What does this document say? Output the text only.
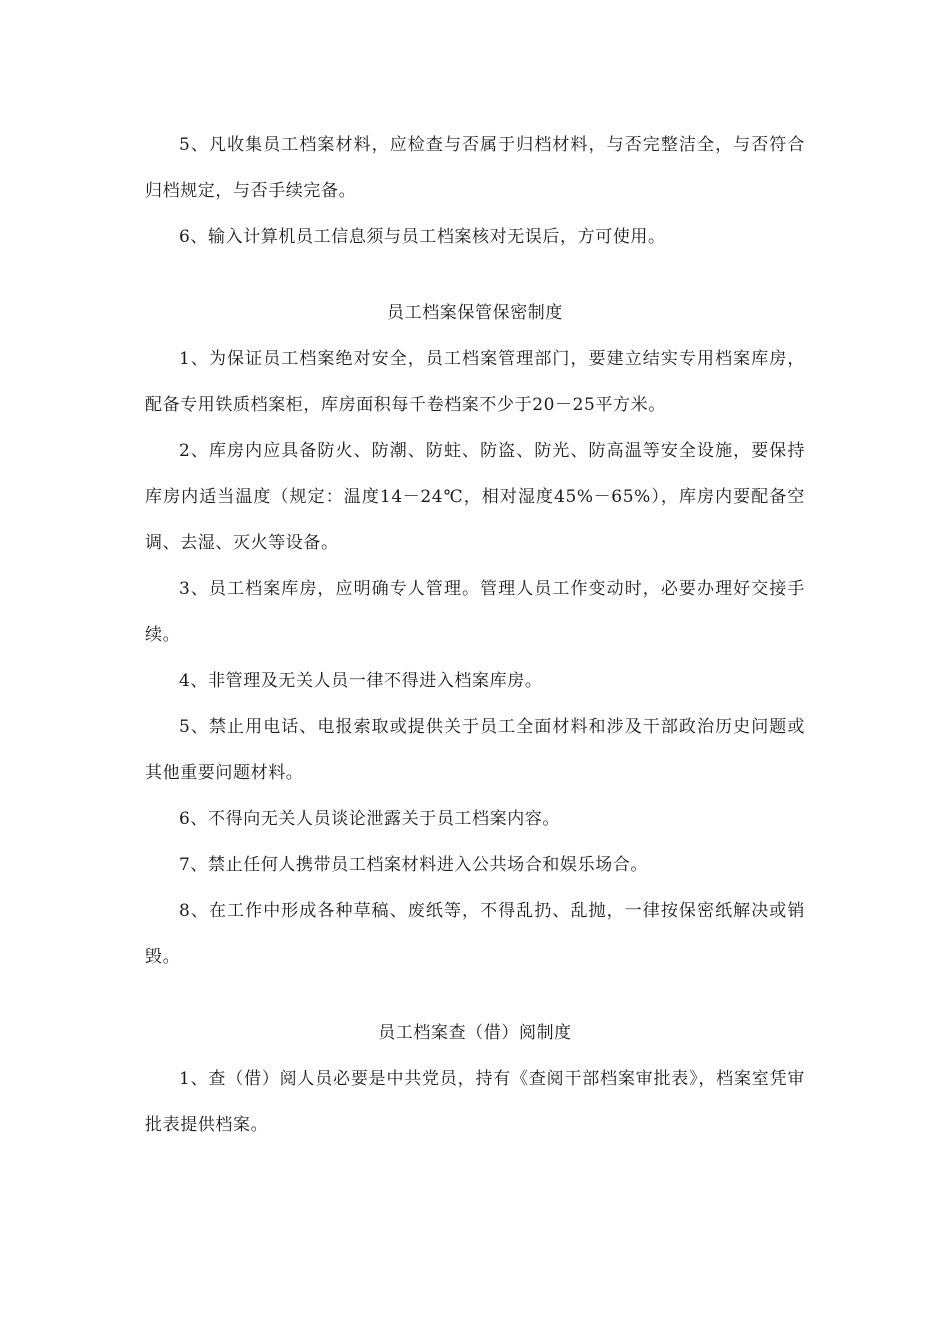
5、凡收集员工档案材料，应检查与否属于归档材料，与否完整洁全，与否符合归档规定，与否手续完备。

6、输入计算机员工信息须与员工档案核对无误后，方可使用。

员工档案保管保密制度

1、为保证员工档案绝对安全，员工档案管理部门，要建立结实专用档案库房，配备专用铁质档案柜，库房面积每千卷档案不少于20－25平方米。

2、库房内应具备防火、防潮、防蛀、防盗、防光、防高温等安全设施，要保持库房内适当温度（规定：温度14－24℃，相对湿度45%－65%），库房内要配备空调、去湿、灭火等设备。

3、员工档案库房，应明确专人管理。管理人员工作变动时，必要办理好交接手续。

4、非管理及无关人员一律不得进入档案库房。

5、禁止用电话、电报索取或提供关于员工全面材料和涉及干部政治历史问题或其他重要问题材料。

6、不得向无关人员谈论泄露关于员工档案内容。

7、禁止任何人携带员工档案材料进入公共场合和娱乐场合。

8、在工作中形成各种草稿、废纸等，不得乱扔、乱抛，一律按保密纸解决或销毁。

员工档案查（借）阅制度

1、查（借）阅人员必要是中共党员，持有《查阅干部档案审批表》，档案室凭审批表提供档案。
